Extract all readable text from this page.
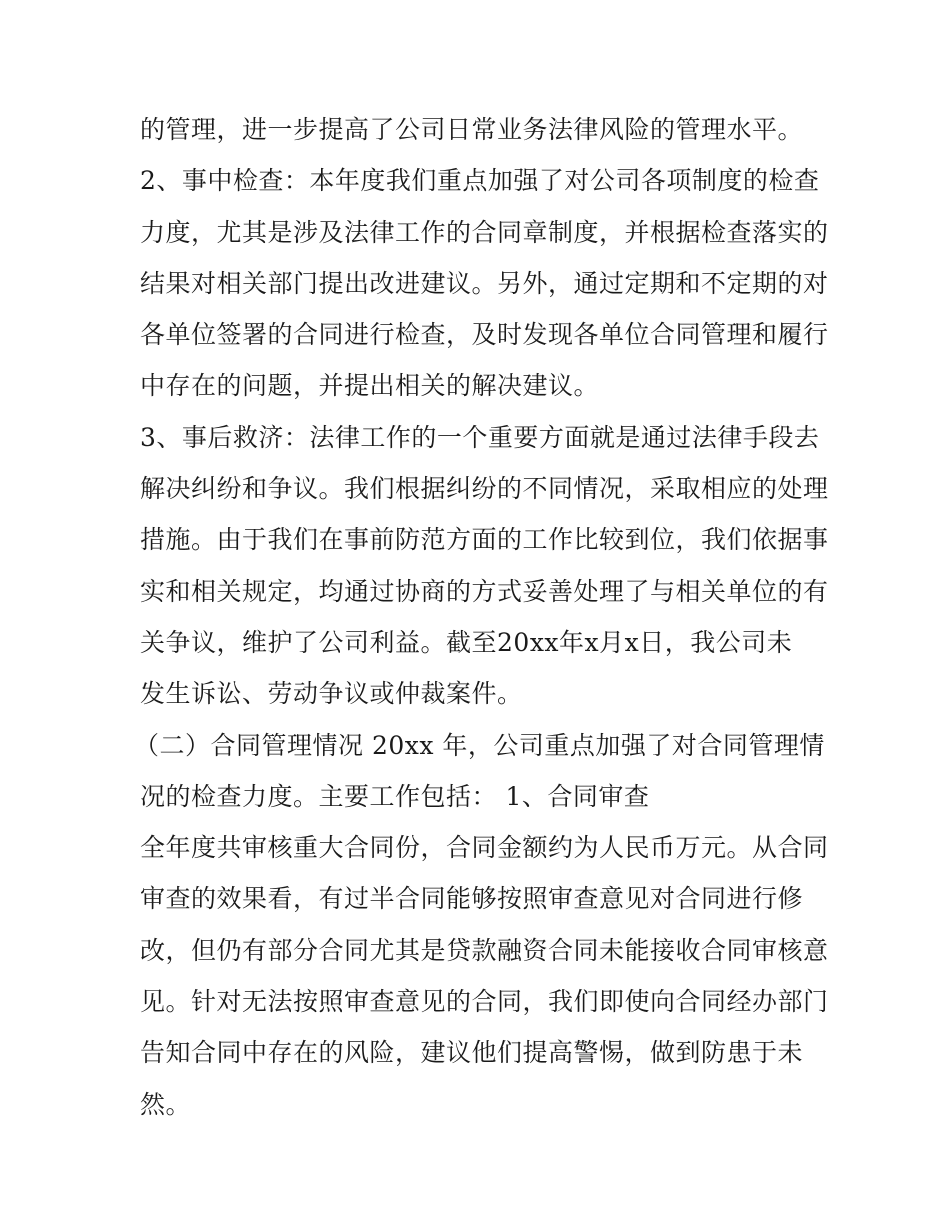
的管理，进一步提高了公司日常业务法律风险的管理水平。
2、事中检查：本年度我们重点加强了对公司各项制度的检查
力度，尤其是涉及法律工作的合同章制度，并根据检查落实的
结果对相关部门提出改进建议。另外，通过定期和不定期的对
各单位签署的合同进行检查，及时发现各单位合同管理和履行
中存在的问题，并提出相关的解决建议。
3、事后救济：法律工作的一个重要方面就是通过法律手段去
解决纠纷和争议。我们根据纠纷的不同情况，采取相应的处理
措施。由于我们在事前防范方面的工作比较到位，我们依据事
实和相关规定，均通过协商的方式妥善处理了与相关单位的有
关争议，维护了公司利益。截至20xx年x月x日，我公司未
发生诉讼、劳动争议或仲裁案件。
（二）合同管理情况 20xx 年，公司重点加强了对合同管理情
况的检查力度。主要工作包括： 1、合同审查
全年度共审核重大合同份，合同金额约为人民币万元。从合同
审查的效果看，有过半合同能够按照审查意见对合同进行修
改，但仍有部分合同尤其是贷款融资合同未能接收合同审核意
见。针对无法按照审查意见的合同，我们即使向合同经办部门
告知合同中存在的风险，建议他们提高警惕，做到防患于未
然。
